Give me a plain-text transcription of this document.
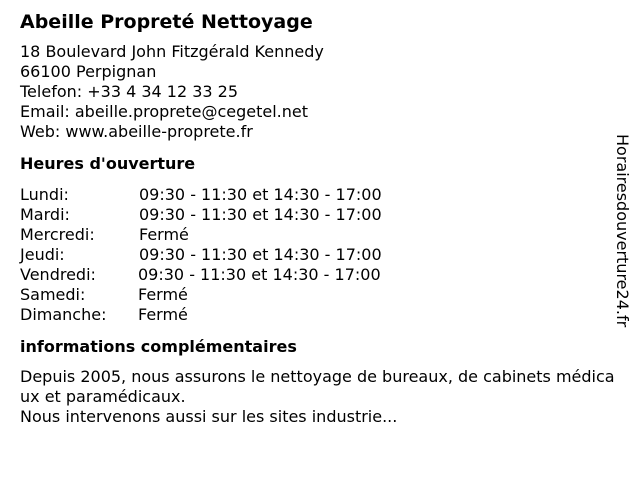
Abeille Propreté Nettoyage
18 Boulevard John Fitzgérald Kennedy
66100 Perpignan
Telefon: +33 4 34 12 33 25
Email: abeille.proprete@cegetel.net
Web: www.abeille-proprete.fr
Heures d'ouverture
Lundi:	09:30 - 11:30 et 14:30 - 17:00
Mardi:	09:30 - 11:30 et 14:30 - 17:00
Mercredi:	Fermé
Jeudi:	09:30 - 11:30 et 14:30 - 17:00
Vendredi:	09:30 - 11:30 et 14:30 - 17:00
Samedi:	Fermé
Dimanche: Fermé
informations complémentaires
Depuis 2005, nous assurons le nettoyage de bureaux, de cabinets médicaux et paramédicaux.
Nous intervenons aussi sur les sites industrie...
Horairesdouverture24.fr
